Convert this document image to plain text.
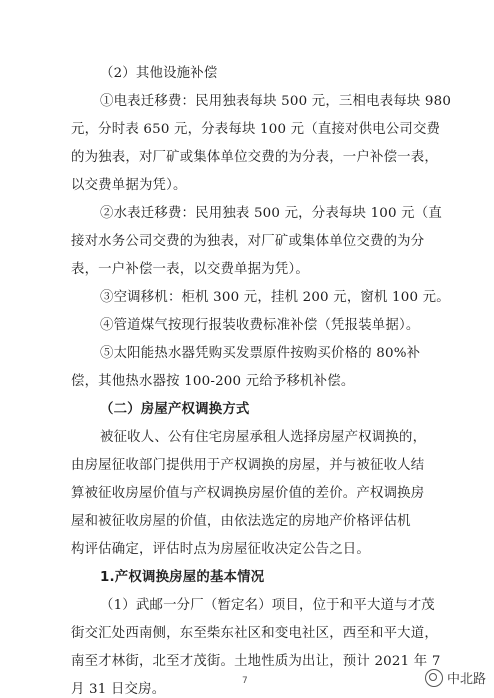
（2）其他设施补偿
①电表迁移费：民用独表每块 500 元，三相电表每块 980
元，分时表 650 元，分表每块 100 元（直接对供电公司交费
的为独表，对厂矿或集体单位交费的为分表，一户补偿一表，
以交费单据为凭）。
②水表迁移费：民用独表 500 元，分表每块 100 元（直
接对水务公司交费的为独表，对厂矿或集体单位交费的为分
表，一户补偿一表，以交费单据为凭）。
③空调移机：柜机 300 元，挂机 200 元，窗机 100 元。
④管道煤气按现行报装收费标准补偿（凭报装单据）。
⑤太阳能热水器凭购买发票原件按购买价格的 80%补
偿，其他热水器按 100-200 元给予移机补偿。
（二）房屋产权调换方式
被征收人、公有住宅房屋承租人选择房屋产权调换的，
由房屋征收部门提供用于产权调换的房屋，并与被征收人结
算被征收房屋价值与产权调换房屋价值的差价。产权调换房
屋和被征收房屋的价值，由依法选定的房地产价格评估机
构评估确定，评估时点为房屋征收决定公告之日。
1.产权调换房屋的基本情况
（1）武邮一分厂（暂定名）项目，位于和平大道与才茂
街交汇处西南侧，东至柴东社区和变电社区，西至和平大道，
南至才林街，北至才茂街。土地性质为出让，预计 2021 年 7
月 31 日交房。
7	中北路
